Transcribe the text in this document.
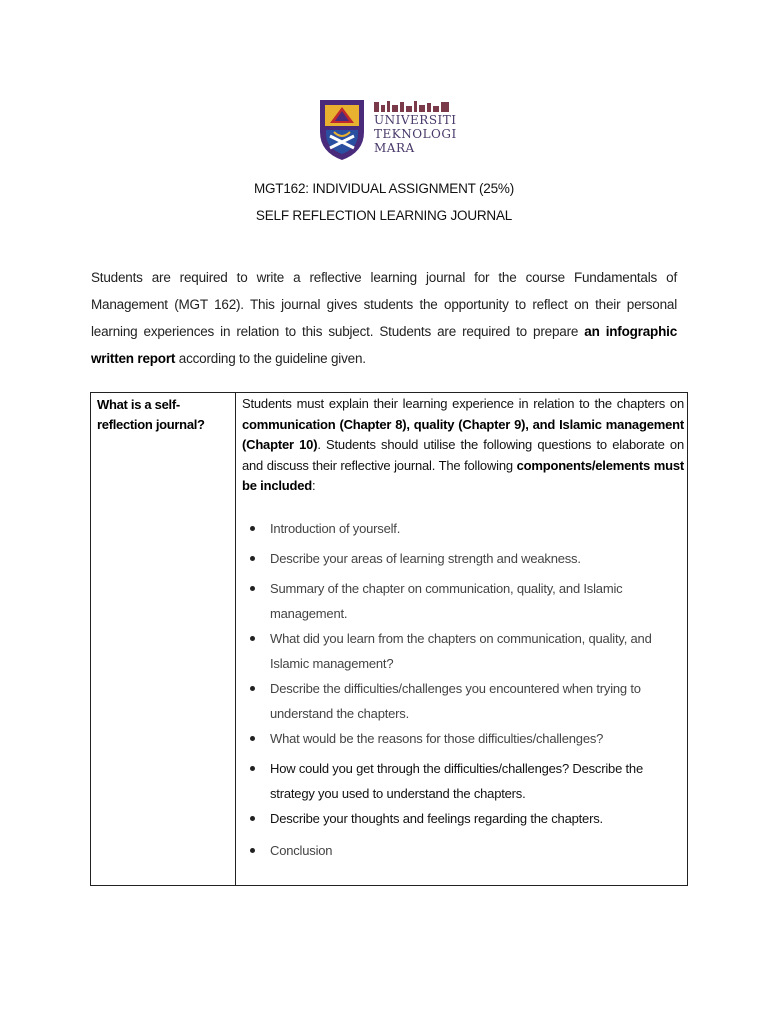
UNIVERSITI
TEKNOLOGI
MARA
MGT162: INDIVIDUAL ASSIGNMENT (25%)
SELF REFLECTION LEARNING JOURNAL
Students are required to write a reflective learning journal for the course Fundamentals of Management (MGT 162). This journal gives students the opportunity to reflect on their personal learning experiences in relation to this subject. Students are required to prepare an infographic written report according to the guideline given.
What is a self-reflection journal?
Students must explain their learning experience in relation to the chapters on communication (Chapter 8), quality (Chapter 9), and Islamic management (Chapter 10). Students should utilise the following questions to elaborate on and discuss their reflective journal. The following components/elements must be included:
Introduction of yourself.
Describe your areas of learning strength and weakness.
Summary of the chapter on communication, quality, and Islamic management.
What did you learn from the chapters on communication, quality, and Islamic management?
Describe the difficulties/challenges you encountered when trying to understand the chapters.
What would be the reasons for those difficulties/challenges?
How could you get through the difficulties/challenges? Describe the strategy you used to understand the chapters.
Describe your thoughts and feelings regarding the chapters.
Conclusion
